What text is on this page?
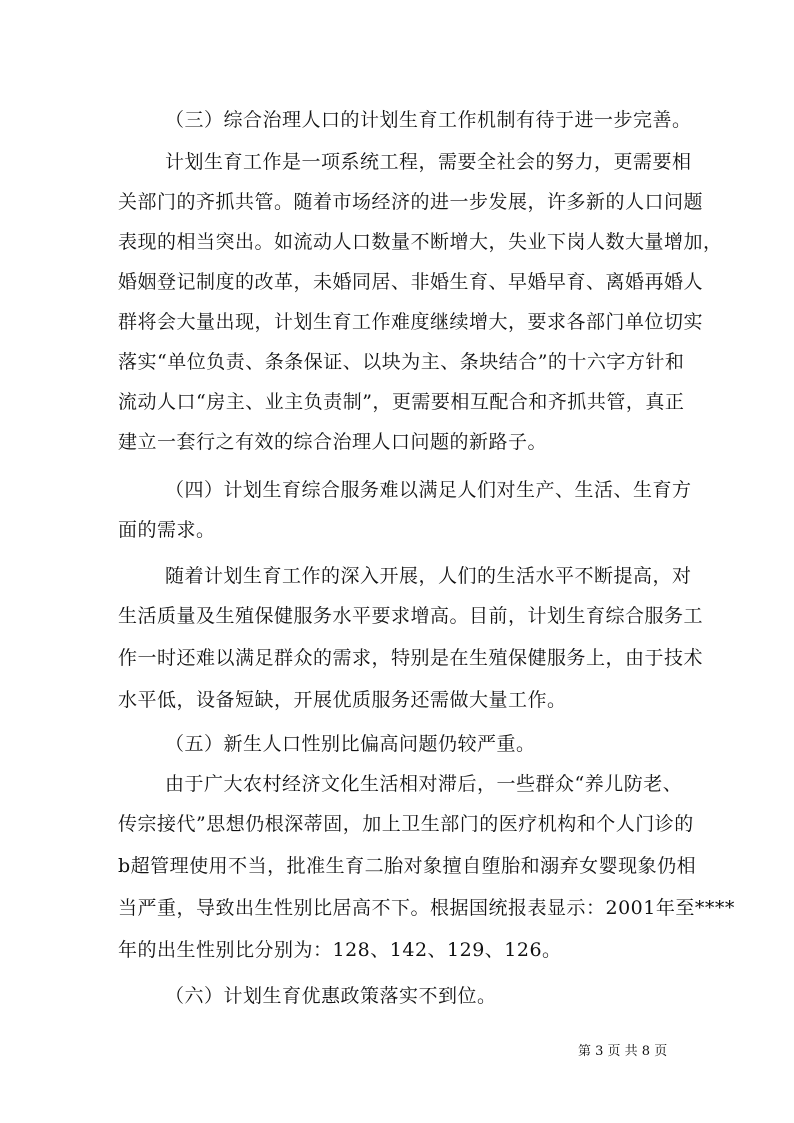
（三）综合治理人口的计划生育工作机制有待于进一步完善。
计划生育工作是一项系统工程，需要全社会的努力，更需要相
关部门的齐抓共管。随着市场经济的进一步发展，许多新的人口问题
表现的相当突出。如流动人口数量不断增大，失业下岗人数大量增加，
婚姻登记制度的改革，未婚同居、非婚生育、早婚早育、离婚再婚人
群将会大量出现，计划生育工作难度继续增大，要求各部门单位切实
落实“单位负责、条条保证、以块为主、条块结合”的十六字方针和
流动人口“房主、业主负责制”，更需要相互配合和齐抓共管，真正
建立一套行之有效的综合治理人口问题的新路子。
（四）计划生育综合服务难以满足人们对生产、生活、生育方
面的需求。
随着计划生育工作的深入开展，人们的生活水平不断提高，对
生活质量及生殖保健服务水平要求增高。目前，计划生育综合服务工
作一时还难以满足群众的需求，特别是在生殖保健服务上，由于技术
水平低，设备短缺，开展优质服务还需做大量工作。
（五）新生人口性别比偏高问题仍较严重。
由于广大农村经济文化生活相对滞后，一些群众“养儿防老、
传宗接代”思想仍根深蒂固，加上卫生部门的医疗机构和个人门诊的
b超管理使用不当，批准生育二胎对象擅自堕胎和溺弃女婴现象仍相
当严重，导致出生性别比居高不下。根据国统报表显示：2001年至****
年的出生性别比分别为：128、142、129、126。
（六）计划生育优惠政策落实不到位。
第 3 页 共 8 页
